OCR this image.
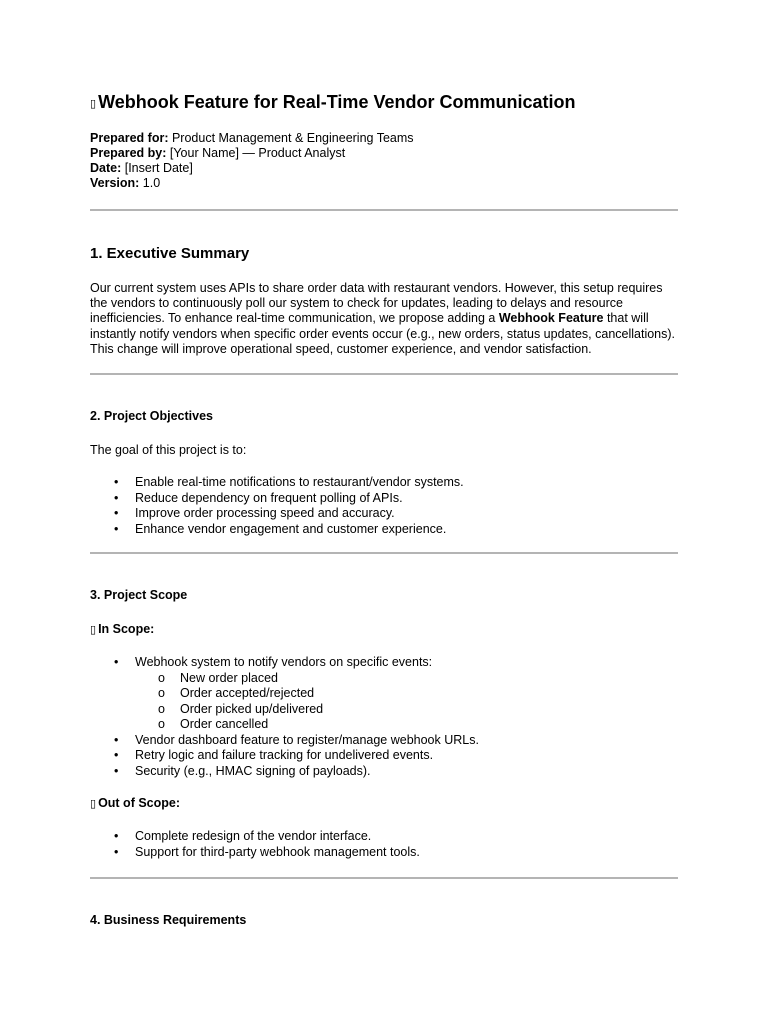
▯ Webhook Feature for Real-Time Vendor Communication
Prepared for: Product Management & Engineering Teams
Prepared by: [Your Name] — Product Analyst
Date: [Insert Date]
Version: 1.0
1. Executive Summary

Our current system uses APIs to share order data with restaurant vendors. However, this setup requires

the vendors to continuously poll our system to check for updates, leading to delays and resource

inefficiencies. To enhance real-time communication, we propose adding a Webhook Feature that will

instantly notify vendors when specific order events occur (e.g., new orders, status updates, cancellations).

This change will improve operational speed, customer experience, and vendor satisfaction.

2. Project Objectives
The goal of this project is to:
• Enable real-time notifications to restaurant/vendor systems.
• Reduce dependency on frequent polling of APIs.
• Improve order processing speed and accuracy.
• Enhance vendor engagement and customer experience.
3. Project Scope
▯ In Scope:
• Webhook system to notify vendors on specific events:
o New order placed
o Order accepted/rejected
o Order picked up/delivered
o Order cancelled
• Vendor dashboard feature to register/manage webhook URLs.
• Retry logic and failure tracking for undelivered events.
• Security (e.g., HMAC signing of payloads).
▯ Out of Scope:
• Complete redesign of the vendor interface.
• Support for third-party webhook management tools.
4. Business Requirements
